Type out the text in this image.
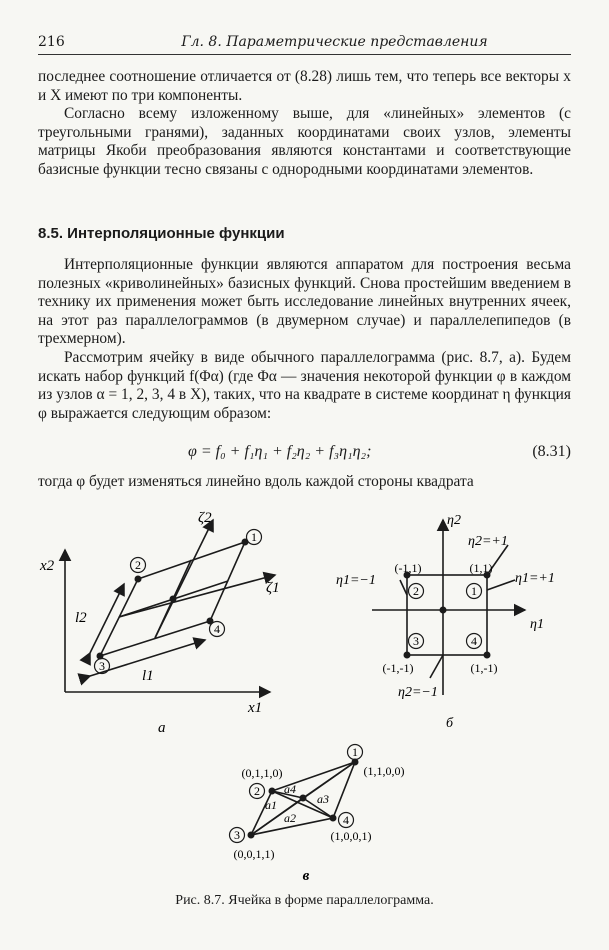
216	Гл. 8. Параметрические представления

последнее соотношение отличается от (8.28) лишь тем, что теперь все векторы x и X имеют по три компоненты.

Согласно всему изложенному выше, для «линейных» элементов (с треугольными гранями), заданных координатами своих узлов, элементы матрицы Якоби преобразования являются константами и соответствующие базисные функции тесно связаны с однородными координатами элементов.

8.5. Интерполяционные функции

Интерполяционные функции являются аппаратом для построения весьма полезных «криволинейных» базисных функций. Снова простейшим введением в технику их применения может быть исследование линейных внутренних ячеек, на этот раз параллелограммов (в двумерном случае) и параллелепипедов (в трехмерном).

Рассмотрим ячейку в виде обычного параллелограмма (рис. 8.7, а). Будем искать набор функций f(Φα) (где Φα — значения некоторой функции φ в каждом из узлов α = 1, 2, 3, 4 в X), таких, что на квадрате в системе координат η функция φ выражается следующим образом:

φ = f₀ + f₁η₁ + f₂η₂ + f₃η₁η₂;	(8.31)
тогда φ будет изменяться линейно вдоль каждой стороны квадрата
1
2
3
4
x2
x1
ζ2
ζ1
l2
l1
а
1
2
3	4
(1,1)
(-1,1)
(-1,-1)	(1,-1)
η2
η1
η2=+1
η1=−1	η1=+1
η2=−1
б
1
2
3
4
(1,1,0,0)
(0,1,1,0)
(0,0,1,1)
(1,0,0,1)
a1
a2
a3
a4
в
Рис. 8.7. Ячейка в форме параллелограмма.
